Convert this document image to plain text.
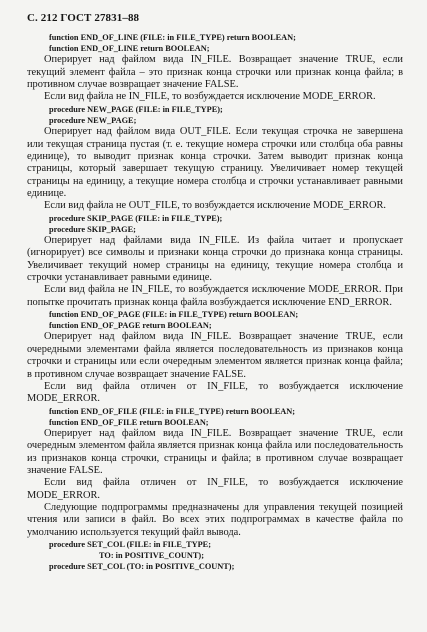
С. 212 ГОСТ 27831–88

function END_OF_LINE (FILE: in FILE_TYPE) return BOOLEAN;

function END_OF_LINE return BOOLEAN;

Оперирует над файлом вида IN_FILE. Возвращает значение TRUE, если текущий элемент файла – это признак конца строчки или признак конца файла; в противном случае возвращает значение FALSE.

Если вид файла не IN_FILE, то возбуждается исключение MODE_ERROR.

procedure NEW_PAGE (FILE: in FILE_TYPE);

procedure NEW_PAGE;

Оперирует над файлом вида OUT_FILE. Если текущая строчка не завершена или текущая страница пустая (т. е. текущие номера строчки или столбца оба равны единице), то выводит признак конца строчки. Затем выводит признак конца страницы, который завершает текущую страницу. Увеличивает номер текущей страницы на единицу, а текущие номера столбца и строчки устанавливает равными единице.

Если вид файла не OUT_FILE, то возбуждается исключение MODE_ERROR.

procedure SKIP_PAGE (FILE: in FILE_TYPE);

procedure SKIP_PAGE;

Оперирует над файлами вида IN_FILE. Из файла читает и пропускает (игнорирует) все символы и признаки конца строчки до признака конца страницы. Увеличивает текущий номер страницы на единицу, текущие номера столбца и строчки устанавливает равными единице.

Если вид файла не IN_FILE, то возбуждается исключение MODE_ERROR. При попытке прочитать признак конца файла возбуждается исключение END_ERROR.

function END_OF_PAGE (FILE: in FILE_TYPE) return BOOLEAN;

function END_OF_PAGE return BOOLEAN;

Оперирует над файлом вида IN_FILE. Возвращает значение TRUE, если очередными элементами файла является последовательность из признаков конца строчки и страницы или если очередным элементом является признак конца файла; в противном случае возвращает значение FALSE.

Если вид файла отличен от IN_FILE, то возбуждается исключение MODE_ERROR.

function END_OF_FILE (FILE: in FILE_TYPE) return BOOLEAN;

function END_OF_FILE return BOOLEAN;

Оперирует над файлом вида IN_FILE. Возвращает значение TRUE, если очередным элементом файла является признак конца файла или последовательность из признаков конца строчки, страницы и файла; в противном случае возвращает значение FALSE.

Если вид файла отличен от IN_FILE, то возбуждается исключение MODE_ERROR.

Следующие подпрограммы предназначены для управления текущей позицией чтения или записи в файл. Во всех этих подпрограммах в качестве файла по умолчанию используется текущий файл вывода.

procedure SET_COL (FILE: in FILE_TYPE;

TO: in POSITIVE_COUNT);

procedure SET_COL (TO: in POSITIVE_COUNT);
